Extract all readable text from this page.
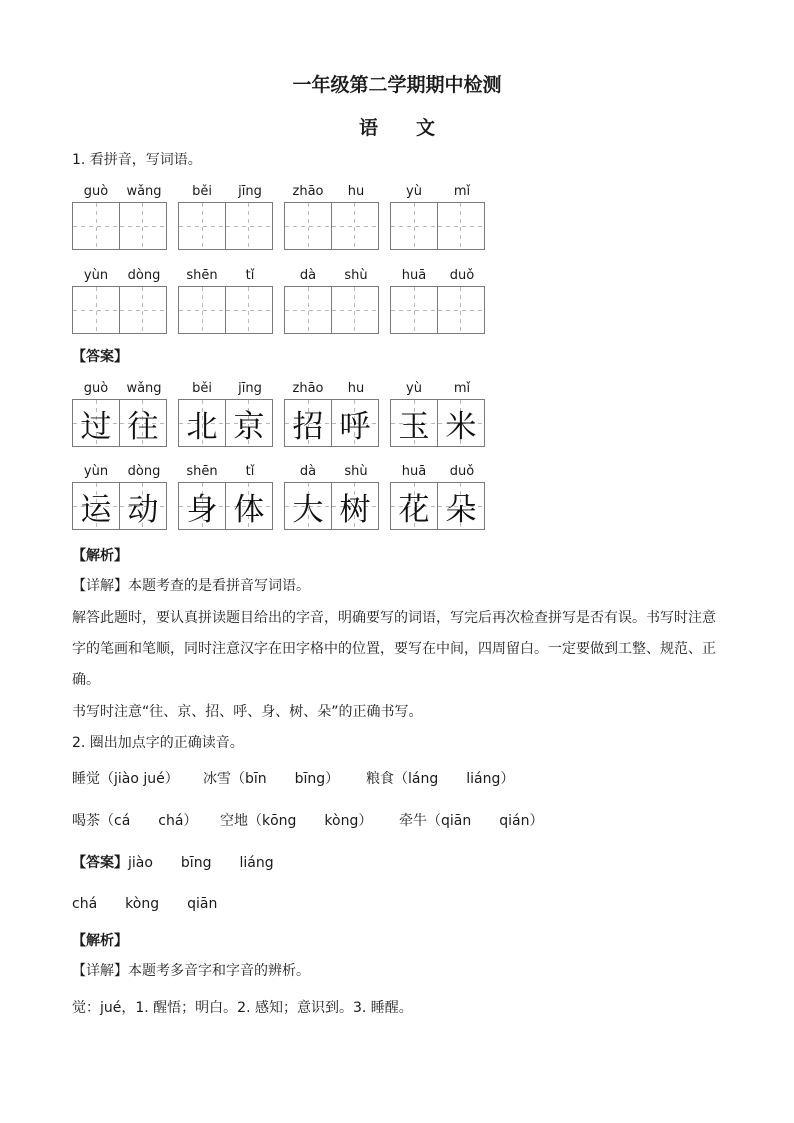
一年级第二学期期中检测
语　　文
1. 看拼音，写词语。
guò	wǎng	běi	jīng	zhāo	hu	yù	mǐ
yùn	dòng	shēn	tǐ	dà	shù	huā	duǒ
【答案】
guò	wǎng
过 往
běi	jīng
北 京
zhāo	hu
招 呼
yù	mǐ
玉 米
yùn	dòng
运 动
shēn	tǐ
身 体
dà	shù
大 树
huā	duǒ
花 朵
【解析】
【详解】本题考查的是看拼音写词语。
解答此题时，要认真拼读题目给出的字音，明确要写的词语，写完后再次检查拼写是否有误。书写时注意
字的笔画和笔顺，同时注意汉字在田字格中的位置，要写在中间，四周留白。一定要做到工整、规范、正
确。
书写时注意“往、京、招、呼、身、树、朵”的正确书写。
2. 圈出加点字的正确读音。
睡觉（jiào jué） 冰雪（bīn　　bīng） 粮食（láng　　liáng）
喝茶（cá　　chá） 空地（kōng　　kòng） 牵牛（qiān　　qián）
【答案】jiào　　bīng　　liáng
chá　　kòng　　qiān
【解析】
【详解】本题考多音字和字音的辨析。
觉：jué，1. 醒悟；明白。2. 感知；意识到。3. 睡醒。
